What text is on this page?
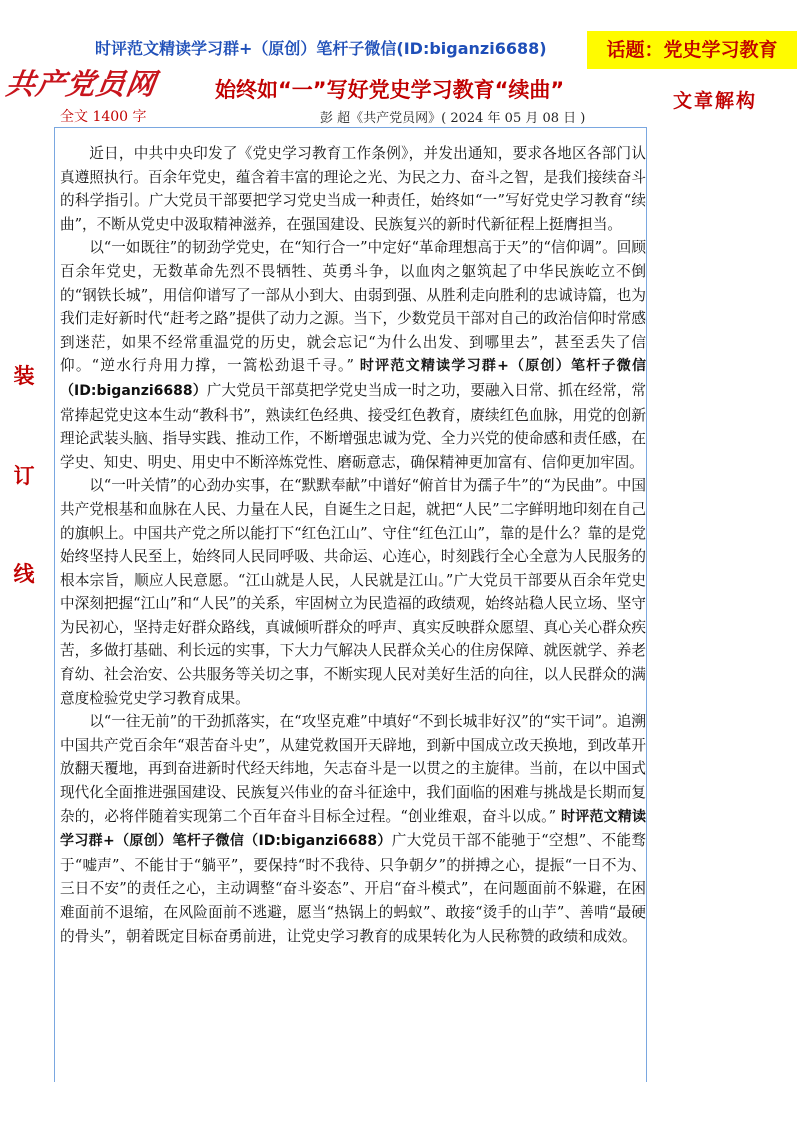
时评范文精读学习群+（原创）笔杆子微信(ID:biganzi6688)	话题：党史学习教育
共产党员网	始终如“一”写好党史学习教育“续曲”	文章解构
全文 1400 字	彭 超《共产党员网》( 2024 年 05 月 08 日 )
装
订
线

近日，中共中央印发了《党史学习教育工作条例》，并发出通知，要求各地区各部门认真遵照执行。百余年党史，蕴含着丰富的理论之光、为民之力、奋斗之智，是我们接续奋斗的科学指引。广大党员干部要把学习党史当成一种责任，始终如“一”写好党史学习教育“续曲”，不断从党史中汲取精神滋养，在强国建设、民族复兴的新时代新征程上挺膺担当。

以“一如既往”的韧劲学党史，在“知行合一”中定好“革命理想高于天”的“信仰调”。回顾百余年党史，无数革命先烈不畏牺牲、英勇斗争，以血肉之躯筑起了中华民族屹立不倒的“钢铁长城”，用信仰谱写了一部从小到大、由弱到强、从胜利走向胜利的忠诚诗篇，也为我们走好新时代“赶考之路”提供了动力之源。当下，少数党员干部对自己的政治信仰时常感到迷茫，如果不经常重温党的历史，就会忘记“为什么出发、到哪里去”，甚至丢失了信仰。“逆水行舟用力撑，一篙松劲退千寻。” 时评范文精读学习群+（原创）笔杆子微信（ID:biganzi6688）广大党员干部莫把学党史当成一时之功，要融入日常、抓在经常，常常捧起党史这本生动“教科书”，熟读红色经典、接受红色教育，赓续红色血脉，用党的创新理论武装头脑、指导实践、推动工作，不断增强忠诚为党、全力兴党的使命感和责任感，在学史、知史、明史、用史中不断淬炼党性、磨砺意志，确保精神更加富有、信仰更加牢固。

以“一叶关情”的心劲办实事，在“默默奉献”中谱好“俯首甘为孺子牛”的“为民曲”。中国共产党根基和血脉在人民、力量在人民，自诞生之日起，就把“人民”二字鲜明地印刻在自己的旗帜上。中国共产党之所以能打下“红色江山”、守住“红色江山”，靠的是什么？靠的是党始终坚持人民至上，始终同人民同呼吸、共命运、心连心，时刻践行全心全意为人民服务的根本宗旨，顺应人民意愿。“江山就是人民，人民就是江山。”广大党员干部要从百余年党史中深刻把握“江山”和“人民”的关系，牢固树立为民造福的政绩观，始终站稳人民立场、坚守为民初心，坚持走好群众路线，真诚倾听群众的呼声、真实反映群众愿望、真心关心群众疾苦，多做打基础、利长远的实事，下大力气解决人民群众关心的住房保障、就医就学、养老育幼、社会治安、公共服务等关切之事，不断实现人民对美好生活的向往，以人民群众的满意度检验党史学习教育成果。

以“一往无前”的干劲抓落实，在“攻坚克难”中填好“不到长城非好汉”的“实干词”。追溯中国共产党百余年“艰苦奋斗史”，从建党救国开天辟地，到新中国成立改天换地，到改革开放翻天覆地，再到奋进新时代经天纬地，矢志奋斗是一以贯之的主旋律。当前，在以中国式现代化全面推进强国建设、民族复兴伟业的奋斗征途中，我们面临的困难与挑战是长期而复杂的，必将伴随着实现第二个百年奋斗目标全过程。“创业维艰，奋斗以成。” 时评范文精读学习群+（原创）笔杆子微信（ID:biganzi6688）广大党员干部不能驰于“空想”、不能骛于“嘘声”、不能甘于“躺平”，要保持“时不我待、只争朝夕”的拼搏之心，提振“一日不为、三日不安”的责任之心，主动调整“奋斗姿态”、开启“奋斗模式”，在问题面前不躲避，在困难面前不退缩，在风险面前不逃避，愿当“热锅上的蚂蚁”、敢接“烫手的山芋”、善啃“最硬的骨头”，朝着既定目标奋勇前进，让党史学习教育的成果转化为人民称赞的政绩和成效。
